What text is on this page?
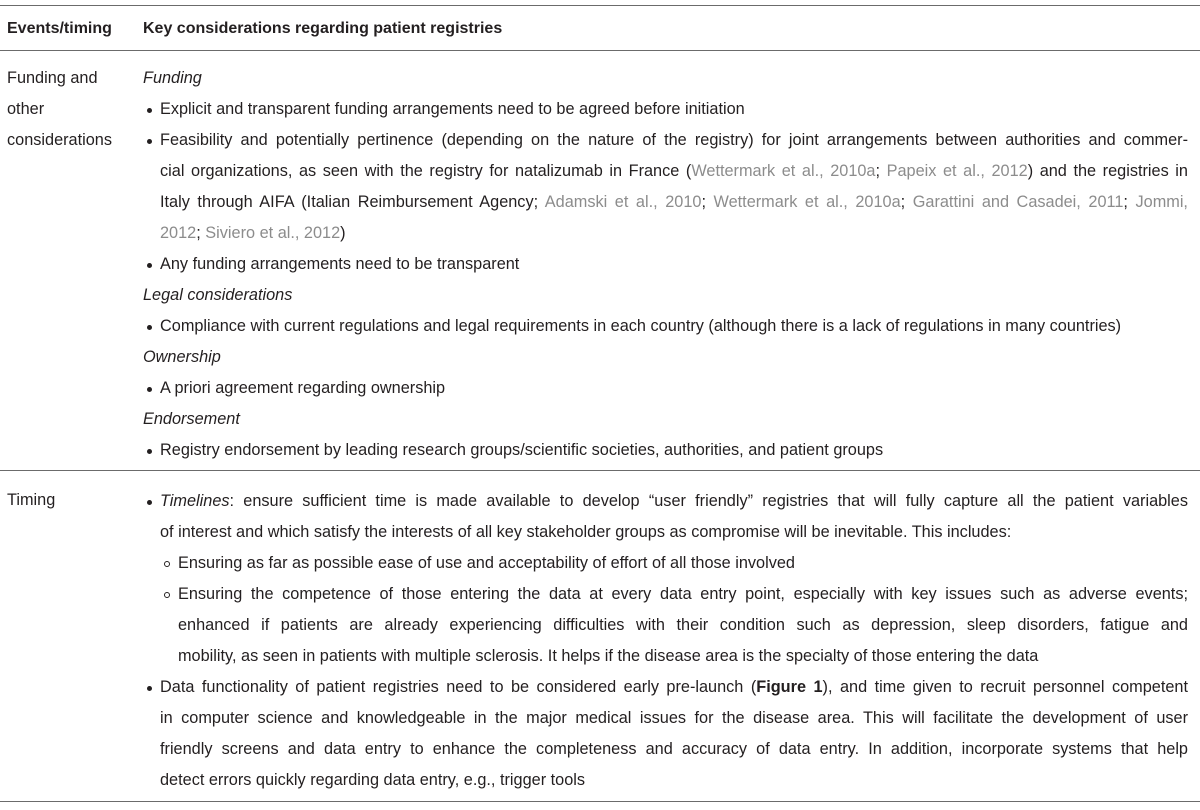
Events/timing Key considerations regarding patient registries
Funding and
other
considerations
Funding
Explicit and transparent funding arrangements need to be agreed before initiation
Feasibility and potentially pertinence (depending on the nature of the registry) for joint arrangements between authorities and commer-
cial organizations, as seen with the registry for natalizumab in France (Wettermark et al., 2010a; Papeix et al., 2012) and the registries in
Italy through AIFA (Italian Reimbursement Agency; Adamski et al., 2010; Wettermark et al., 2010a; Garattini and Casadei, 2011; Jommi,
2012; Siviero et al., 2012)
Any funding arrangements need to be transparent
Legal considerations
Compliance with current regulations and legal requirements in each country (although there is a lack of regulations in many countries)
Ownership
A priori agreement regarding ownership
Endorsement
Registry endorsement by leading research groups/scientific societies, authorities, and patient groups
Timing	Timelines: ensure sufficient time is made available to develop “user friendly” registries that will fully capture all the patient variables
of interest and which satisfy the interests of all key stakeholder groups as compromise will be inevitable. This includes:
Ensuring as far as possible ease of use and acceptability of effort of all those involved
Ensuring the competence of those entering the data at every data entry point, especially with key issues such as adverse events;
enhanced if patients are already experiencing difficulties with their condition such as depression, sleep disorders, fatigue and
mobility, as seen in patients with multiple sclerosis. It helps if the disease area is the specialty of those entering the data
Data functionality of patient registries need to be considered early pre-launch (Figure 1), and time given to recruit personnel competent
in computer science and knowledgeable in the major medical issues for the disease area. This will facilitate the development of user
friendly screens and data entry to enhance the completeness and accuracy of data entry. In addition, incorporate systems that help
detect errors quickly regarding data entry, e.g., trigger tools
